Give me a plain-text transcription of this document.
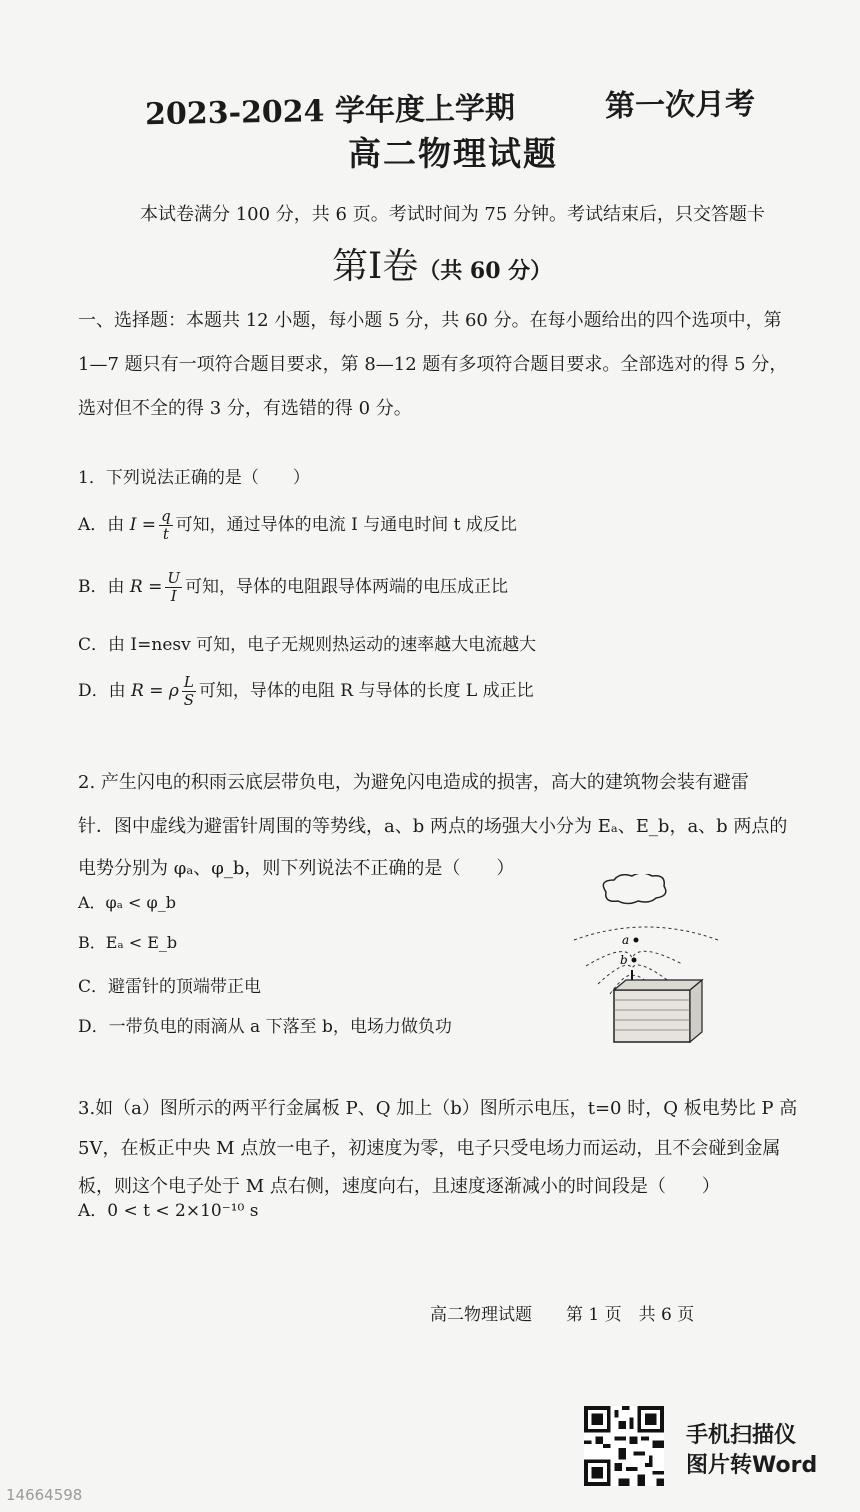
2023-2024 学年度上学期	第一次月考
高二物理试题
本试卷满分 100 分，共 6 页。考试时间为 75 分钟。考试结束后，只交答题卡
第I卷（共 60 分）
一、选择题：本题共 12 小题，每小题 5 分，共 60 分。在每小题给出的四个选项中，第
1—7 题只有一项符合题目要求，第 8—12 题有多项符合题目要求。全部选对的得 5 分，
选对但不全的得 3 分，有选错的得 0 分。
1．下列说法正确的是（　　）
A．由 $I = \frac{q}{t}$ 可知，通过导体的电流 I 与通电时间 t 成反比
B．由 $R = \frac{U}{I}$ 可知，导体的电阻跟导体两端的电压成正比
C．由 I=nesv 可知，电子无规则热运动的速率越大电流越大
D．由 R = ρ $\frac{L}{S}$ 可知，导体的电阻 R 与导体的长度 L 成正比
2. 产生闪电的积雨云底层带负电，为避免闪电造成的损害，高大的建筑物会装有避雷
针．图中虚线为避雷针周围的等势线，a、b 两点的场强大小分为 Eₐ、E_b，a、b 两点的
电势分别为 φₐ、φ_b，则下列说法不正确的是（　　）
A．φₐ < φ_b
B．Eₐ < E_b
C．避雷针的顶端带正电
D．一带负电的雨滴从 a 下落至 b，电场力做负功
a
b
3.如（a）图所示的两平行金属板 P、Q 加上（b）图所示电压，t=0 时，Q 板电势比 P 高
5V，在板正中央 M 点放一电子，初速度为零，电子只受电场力而运动，且不会碰到金属
板，则这个电子处于 M 点右侧，速度向右，且速度逐渐减小的时间段是（　　）
A．0 < t < 2×10⁻¹⁰ s
高二物理试题　　第 1 页　共 6 页
手机扫描仪
图片转Word
14664598
